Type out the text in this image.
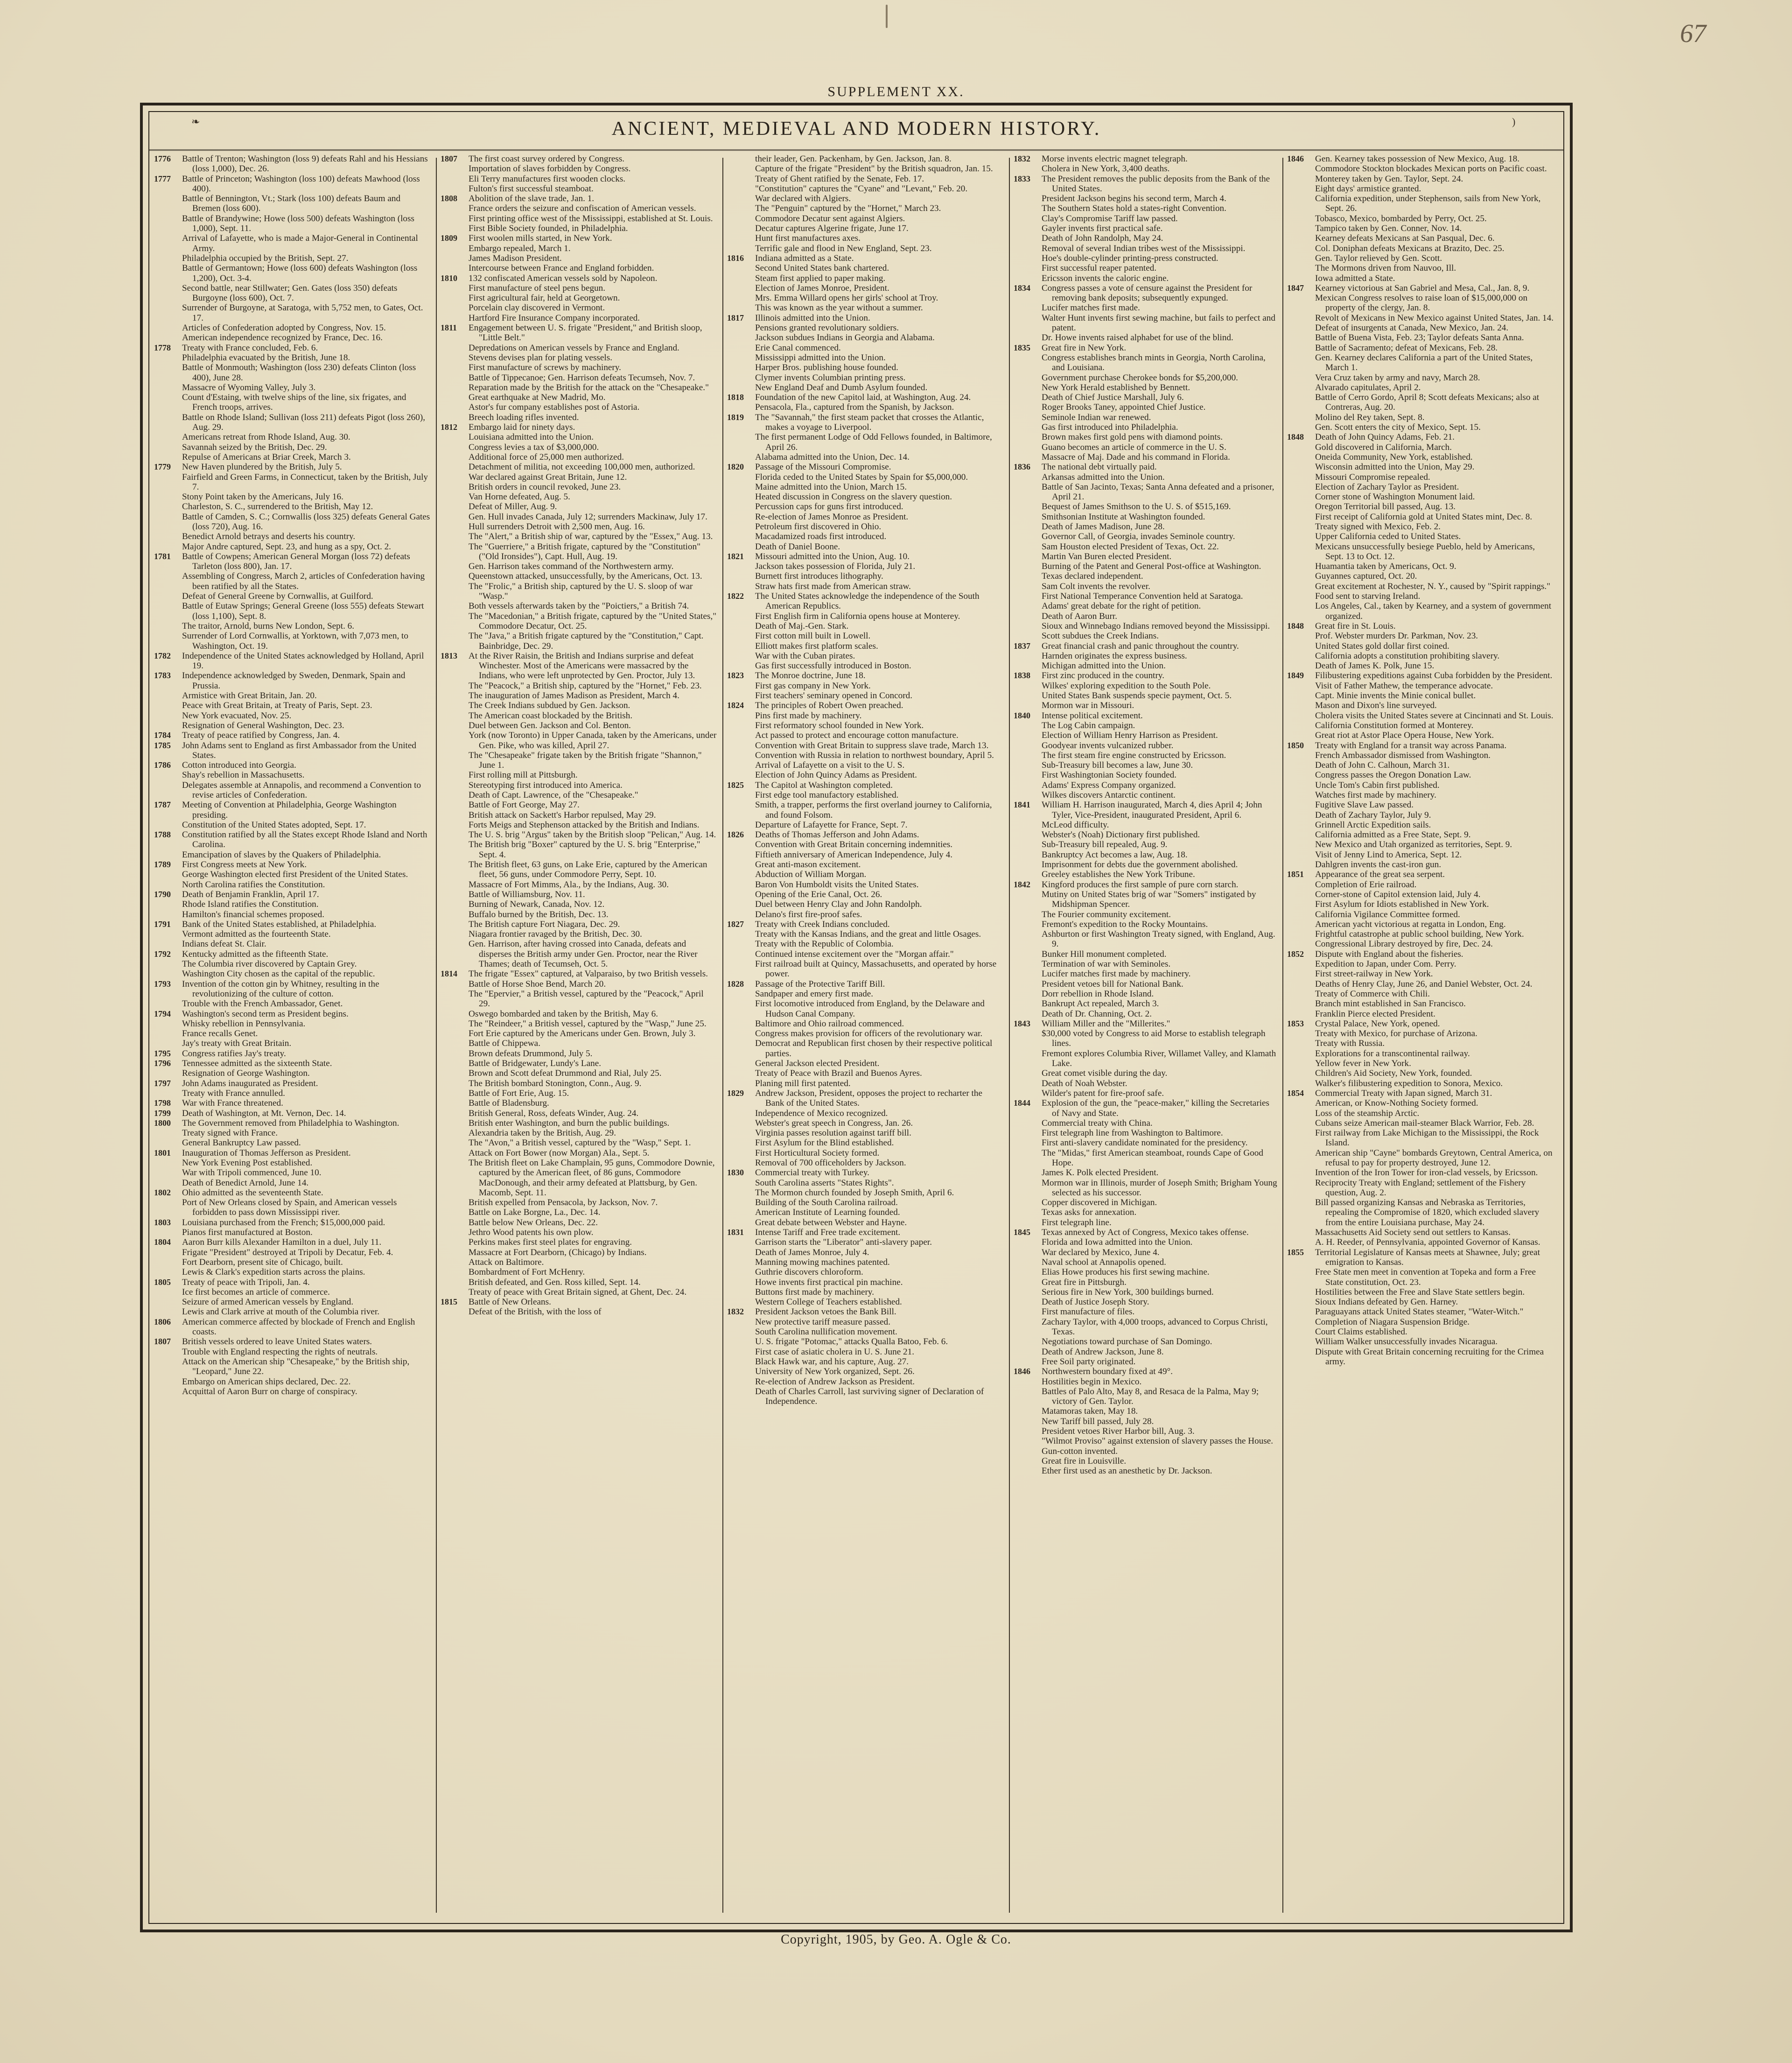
67
SUPPLEMENT XX.
ANCIENT, MEDIEVAL AND MODERN HISTORY.
❧	)
1776	Battle of Trenton; Washington (loss 9) defeats Rahl and his Hessians (loss 1,000), Dec. 26.
1777	Battle of Princeton; Washington (loss 100) defeats Mawhood (loss 400).
Battle of Bennington, Vt.; Stark (loss 100) defeats Baum and Bremen (loss 600).
Battle of Brandywine; Howe (loss 500) defeats Washington (loss 1,000), Sept. 11.
Arrival of Lafayette, who is made a Major-General in Continental Army.
Philadelphia occupied by the British, Sept. 27.
Battle of Germantown; Howe (loss 600) defeats Washington (loss 1,200), Oct. 3-4.
Second battle, near Stillwater; Gen. Gates (loss 350) defeats Burgoyne (loss 600), Oct. 7.
Surrender of Burgoyne, at Saratoga, with 5,752 men, to Gates, Oct. 17.
Articles of Confederation adopted by Congress, Nov. 15.
American independence recognized by France, Dec. 16.
1778	Treaty with France concluded, Feb. 6.
Philadelphia evacuated by the British, June 18.
Battle of Monmouth; Washington (loss 230) defeats Clinton (loss 400), June 28.
Massacre of Wyoming Valley, July 3.
Count d'Estaing, with twelve ships of the line, six frigates, and French troops, arrives.
Battle on Rhode Island; Sullivan (loss 211) defeats Pigot (loss 260), Aug. 29.
Americans retreat from Rhode Island, Aug. 30.
Savannah seized by the British, Dec. 29.
Repulse of Americans at Briar Creek, March 3.
1779	New Haven plundered by the British, July 5.
Fairfield and Green Farms, in Connecticut, taken by the British, July 7.
Stony Point taken by the Americans, July 16.
Charleston, S. C., surrendered to the British, May 12.
Battle of Camden, S. C.; Cornwallis (loss 325) defeats General Gates (loss 720), Aug. 16.
Benedict Arnold betrays and deserts his country.
Major Andre captured, Sept. 23, and hung as a spy, Oct. 2.
1781	Battle of Cowpens; American General Morgan (loss 72) defeats Tarleton (loss 800), Jan. 17.
Assembling of Congress, March 2, articles of Confederation having been ratified by all the States.
Defeat of General Greene by Cornwallis, at Guilford.
Battle of Eutaw Springs; General Greene (loss 555) defeats Stewart (loss 1,100), Sept. 8.
The traitor, Arnold, burns New London, Sept. 6.
Surrender of Lord Cornwallis, at Yorktown, with 7,073 men, to Washington, Oct. 19.
1782	Independence of the United States acknowledged by Holland, April 19.
1783	Independence acknowledged by Sweden, Denmark, Spain and Prussia.
Armistice with Great Britain, Jan. 20.
Peace with Great Britain, at Treaty of Paris, Sept. 23.
New York evacuated, Nov. 25.
Resignation of General Washington, Dec. 23.
1784	Treaty of peace ratified by Congress, Jan. 4.
1785	John Adams sent to England as first Ambassador from the United States.
1786	Cotton introduced into Georgia.
Shay's rebellion in Massachusetts.
Delegates assemble at Annapolis, and recommend a Convention to revise articles of Confederation.
1787	Meeting of Convention at Philadelphia, George Washington presiding.
Constitution of the United States adopted, Sept. 17.
1788	Constitution ratified by all the States except Rhode Island and North Carolina.
Emancipation of slaves by the Quakers of Philadelphia.
1789	First Congress meets at New York.
George Washington elected first President of the United States.
North Carolina ratifies the Constitution.
1790	Death of Benjamin Franklin, April 17.
Rhode Island ratifies the Constitution.
Hamilton's financial schemes proposed.
1791	Bank of the United States established, at Philadelphia.
Vermont admitted as the fourteenth State.
Indians defeat St. Clair.
1792	Kentucky admitted as the fifteenth State.
The Columbia river discovered by Captain Grey.
Washington City chosen as the capital of the republic.
1793	Invention of the cotton gin by Whitney, resulting in the revolutionizing of the culture of cotton.
Trouble with the French Ambassador, Genet.
1794	Washington's second term as President begins.
Whisky rebellion in Pennsylvania.
France recalls Genet.
Jay's treaty with Great Britain.
1795	Congress ratifies Jay's treaty.
1796	Tennessee admitted as the sixteenth State.
Resignation of George Washington.
1797	John Adams inaugurated as President.
Treaty with France annulled.
1798	War with France threatened.
1799	Death of Washington, at Mt. Vernon, Dec. 14.
1800	The Government removed from Philadelphia to Washington.
Treaty signed with France.
General Bankruptcy Law passed.
1801	Inauguration of Thomas Jefferson as President.
New York Evening Post established.
War with Tripoli commenced, June 10.
Death of Benedict Arnold, June 14.
1802	Ohio admitted as the seventeenth State.
Port of New Orleans closed by Spain, and American vessels forbidden to pass down Mississippi river.
1803	Louisiana purchased from the French; $15,000,000 paid.
Pianos first manufactured at Boston.
1804	Aaron Burr kills Alexander Hamilton in a duel, July 11.
Frigate "President" destroyed at Tripoli by Decatur, Feb. 4.
Fort Dearborn, present site of Chicago, built.
Lewis & Clark's expedition starts across the plains.
1805	Treaty of peace with Tripoli, Jan. 4.
Ice first becomes an article of commerce.
Seizure of armed American vessels by England.
Lewis and Clark arrive at mouth of the Columbia river.
1806	American commerce affected by blockade of French and English coasts.
1807	British vessels ordered to leave United States waters.
Trouble with England respecting the rights of neutrals.
Attack on the American ship "Chesapeake," by the British ship, "Leopard," June 22.
Embargo on American ships declared, Dec. 22.
Acquittal of Aaron Burr on charge of conspiracy.
1807	The first coast survey ordered by Congress.
Importation of slaves forbidden by Congress.
Eli Terry manufactures first wooden clocks.
Fulton's first successful steamboat.
1808	Abolition of the slave trade, Jan. 1.
France orders the seizure and confiscation of American vessels.
First printing office west of the Mississippi, established at St. Louis.
First Bible Society founded, in Philadelphia.
1809	First woolen mills started, in New York.
Embargo repealed, March 1.
James Madison President.
Intercourse between France and England forbidden.
1810	132 confiscated American vessels sold by Napoleon.
First manufacture of steel pens begun.
First agricultural fair, held at Georgetown.
Porcelain clay discovered in Vermont.
Hartford Fire Insurance Company incorporated.
1811	Engagement between U. S. frigate "President," and British sloop, "Little Belt."
Depredations on American vessels by France and England.
Stevens devises plan for plating vessels.
First manufacture of screws by machinery.
Battle of Tippecanoe; Gen. Harrison defeats Tecumseh, Nov. 7.
Reparation made by the British for the attack on the "Chesapeake."
Great earthquake at New Madrid, Mo.
Astor's fur company establishes post of Astoria.
Breech loading rifles invented.
1812	Embargo laid for ninety days.
Louisiana admitted into the Union.
Congress levies a tax of $3,000,000.
Additional force of 25,000 men authorized.
Detachment of militia, not exceeding 100,000 men, authorized.
War declared against Great Britain, June 12.
British orders in council revoked, June 23.
Van Horne defeated, Aug. 5.
Defeat of Miller, Aug. 9.
Gen. Hull invades Canada, July 12; surrenders Mackinaw, July 17.
Hull surrenders Detroit with 2,500 men, Aug. 16.
The "Alert," a British ship of war, captured by the "Essex," Aug. 13.
The "Guerriere," a British frigate, captured by the "Constitution" ("Old Ironsides"), Capt. Hull, Aug. 19.
Gen. Harrison takes command of the Northwestern army.
Queenstown attacked, unsuccessfully, by the Americans, Oct. 13.
The "Frolic," a British ship, captured by the U. S. sloop of war "Wasp."
Both vessels afterwards taken by the "Poictiers," a British 74.
The "Macedonian," a British frigate, captured by the "United States," Commodore Decatur, Oct. 25.
The "Java," a British frigate captured by the "Constitution," Capt. Bainbridge, Dec. 29.
1813	At the River Raisin, the British and Indians surprise and defeat Winchester. Most of the Americans were massacred by the Indians, who were left unprotected by Gen. Proctor, July 13.
The "Peacock," a British ship, captured by the "Hornet," Feb. 23.
The inauguration of James Madison as President, March 4.
The Creek Indians subdued by Gen. Jackson.
The American coast blockaded by the British.
Duel between Gen. Jackson and Col. Benton.
York (now Toronto) in Upper Canada, taken by the Americans, under Gen. Pike, who was killed, April 27.
The "Chesapeake" frigate taken by the British frigate "Shannon," June 1.
First rolling mill at Pittsburgh.
Stereotyping first introduced into America.
Death of Capt. Lawrence, of the "Chesapeake."
Battle of Fort George, May 27.
British attack on Sackett's Harbor repulsed, May 29.
Forts Meigs and Stephenson attacked by the British and Indians.
The U. S. brig "Argus" taken by the British sloop "Pelican," Aug. 14.
The British brig "Boxer" captured by the U. S. brig "Enterprise," Sept. 4.
The British fleet, 63 guns, on Lake Erie, captured by the American fleet, 56 guns, under Commodore Perry, Sept. 10.
Massacre of Fort Mimms, Ala., by the Indians, Aug. 30.
Battle of Williamsburg, Nov. 11.
Burning of Newark, Canada, Nov. 12.
Buffalo burned by the British, Dec. 13.
The British capture Fort Niagara, Dec. 29.
Niagara frontier ravaged by the British, Dec. 30.
Gen. Harrison, after having crossed into Canada, defeats and disperses the British army under Gen. Proctor, near the River Thames; death of Tecumseh, Oct. 5.
1814	The frigate "Essex" captured, at Valparaiso, by two British vessels.
Battle of Horse Shoe Bend, March 20.
The "Epervier," a British vessel, captured by the "Peacock," April 29.
Oswego bombarded and taken by the British, May 6.
The "Reindeer," a British vessel, captured by the "Wasp," June 25.
Fort Erie captured by the Americans under Gen. Brown, July 3.
Battle of Chippewa.
Brown defeats Drummond, July 5.
Battle of Bridgewater, Lundy's Lane.
Brown and Scott defeat Drummond and Rial, July 25.
The British bombard Stonington, Conn., Aug. 9.
Battle of Fort Erie, Aug. 15.
Battle of Bladensburg.
British General, Ross, defeats Winder, Aug. 24.
British enter Washington, and burn the public buildings.
Alexandria taken by the British, Aug. 29.
The "Avon," a British vessel, captured by the "Wasp," Sept. 1.
Attack on Fort Bower (now Morgan) Ala., Sept. 5.
The British fleet on Lake Champlain, 95 guns, Commodore Downie, captured by the American fleet, of 86 guns, Commodore MacDonough, and their army defeated at Plattsburg, by Gen. Macomb, Sept. 11.
British expelled from Pensacola, by Jackson, Nov. 7.
Battle on Lake Borgne, La., Dec. 14.
Battle below New Orleans, Dec. 22.
Jethro Wood patents his own plow.
Perkins makes first steel plates for engraving.
Massacre at Fort Dearborn, (Chicago) by Indians.
Attack on Baltimore.
Bombardment of Fort McHenry.
British defeated, and Gen. Ross killed, Sept. 14.
Treaty of peace with Great Britain signed, at Ghent, Dec. 24.
1815	Battle of New Orleans.
Defeat of the British, with the loss of
their leader, Gen. Packenham, by Gen. Jackson, Jan. 8.
Capture of the frigate "President" by the British squadron, Jan. 15.
Treaty of Ghent ratified by the Senate, Feb. 17.
"Constitution" captures the "Cyane" and "Levant," Feb. 20.
War declared with Algiers.
The "Penguin" captured by the "Hornet," March 23.
Commodore Decatur sent against Algiers.
Decatur captures Algerine frigate, June 17.
Hunt first manufactures axes.
Terrific gale and flood in New England, Sept. 23.
1816	Indiana admitted as a State.
Second United States bank chartered.
Steam first applied to paper making.
Election of James Monroe, President.
Mrs. Emma Willard opens her girls' school at Troy.
This was known as the year without a summer.
1817	Illinois admitted into the Union.
Pensions granted revolutionary soldiers.
Jackson subdues Indians in Georgia and Alabama.
Erie Canal commenced.
Mississippi admitted into the Union.
Harper Bros. publishing house founded.
Clymer invents Columbian printing press.
New England Deaf and Dumb Asylum founded.
1818	Foundation of the new Capitol laid, at Washington, Aug. 24.
Pensacola, Fla., captured from the Spanish, by Jackson.
1819	The "Savannah," the first steam packet that crosses the Atlantic, makes a voyage to Liverpool.
The first permanent Lodge of Odd Fellows founded, in Baltimore, April 26.
Alabama admitted into the Union, Dec. 14.
1820	Passage of the Missouri Compromise.
Florida ceded to the United States by Spain for $5,000,000.
Maine admitted into the Union, March 15.
Heated discussion in Congress on the slavery question.
Percussion caps for guns first introduced.
Re-election of James Monroe as President.
Petroleum first discovered in Ohio.
Macadamized roads first introduced.
Death of Daniel Boone.
1821	Missouri admitted into the Union, Aug. 10.
Jackson takes possession of Florida, July 21.
Burnett first introduces lithography.
Straw hats first made from American straw.
1822	The United States acknowledge the independence of the South American Republics.
First English firm in California opens house at Monterey.
Death of Maj.-Gen. Stark.
First cotton mill built in Lowell.
Elliott makes first platform scales.
War with the Cuban pirates.
Gas first successfully introduced in Boston.
1823	The Monroe doctrine, June 18.
First gas company in New York.
First teachers' seminary opened in Concord.
1824	The principles of Robert Owen preached.
Pins first made by machinery.
First reformatory school founded in New York.
Act passed to protect and encourage cotton manufacture.
Convention with Great Britain to suppress slave trade, March 13.
Convention with Russia in relation to northwest boundary, April 5.
Arrival of Lafayette on a visit to the U. S.
Election of John Quincy Adams as President.
1825	The Capitol at Washington completed.
First edge tool manufactory established.
Smith, a trapper, performs the first overland journey to California, and found Folsom.
Departure of Lafayette for France, Sept. 7.
1826	Deaths of Thomas Jefferson and John Adams.
Convention with Great Britain concerning indemnities.
Fiftieth anniversary of American Independence, July 4.
Great anti-mason excitement.
Abduction of William Morgan.
Baron Von Humboldt visits the United States.
Opening of the Erie Canal, Oct. 26.
Duel between Henry Clay and John Randolph.
Delano's first fire-proof safes.
1827	Treaty with Creek Indians concluded.
Treaty with the Kansas Indians, and the great and little Osages.
Treaty with the Republic of Colombia.
Continued intense excitement over the "Morgan affair."
First railroad built at Quincy, Massachusetts, and operated by horse power.
1828	Passage of the Protective Tariff Bill.
Sandpaper and emery first made.
First locomotive introduced from England, by the Delaware and Hudson Canal Company.
Baltimore and Ohio railroad commenced.
Congress makes provision for officers of the revolutionary war.
Democrat and Republican first chosen by their respective political parties.
General Jackson elected President.
Treaty of Peace with Brazil and Buenos Ayres.
Planing mill first patented.
1829	Andrew Jackson, President, opposes the project to recharter the Bank of the United States.
Independence of Mexico recognized.
Webster's great speech in Congress, Jan. 26.
Virginia passes resolution against tariff bill.
First Asylum for the Blind established.
First Horticultural Society formed.
Removal of 700 officeholders by Jackson.
1830	Commercial treaty with Turkey.
South Carolina asserts "States Rights".
The Mormon church founded by Joseph Smith, April 6.
Building of the South Carolina railroad.
American Institute of Learning founded.
Great debate between Webster and Hayne.
1831	Intense Tariff and Free trade excitement.
Garrison starts the "Liberator" anti-slavery paper.
Death of James Monroe, July 4.
Manning mowing machines patented.
Guthrie discovers chloroform.
Howe invents first practical pin machine.
Buttons first made by machinery.
Western College of Teachers established.
1832	President Jackson vetoes the Bank Bill.
New protective tariff measure passed.
South Carolina nullification movement.
U. S. frigate "Potomac," attacks Qualla Batoo, Feb. 6.
First case of asiatic cholera in U. S. June 21.
Black Hawk war, and his capture, Aug. 27.
University of New York organized, Sept. 26.
Re-election of Andrew Jackson as President.
Death of Charles Carroll, last surviving signer of Declaration of Independence.
1832	Morse invents electric magnet telegraph.
Cholera in New York, 3,400 deaths.
1833	The President removes the public deposits from the Bank of the United States.
President Jackson begins his second term, March 4.
The Southern States hold a states-right Convention.
Clay's Compromise Tariff law passed.
Gayler invents first practical safe.
Death of John Randolph, May 24.
Removal of several Indian tribes west of the Mississippi.
Hoe's double-cylinder printing-press constructed.
First successful reaper patented.
Ericsson invents the caloric engine.
1834	Congress passes a vote of censure against the President for removing bank deposits; subsequently expunged.
Lucifer matches first made.
Walter Hunt invents first sewing machine, but fails to perfect and patent.
Dr. Howe invents raised alphabet for use of the blind.
1835	Great fire in New York.
Congress establishes branch mints in Georgia, North Carolina, and Louisiana.
Government purchase Cherokee bonds for $5,200,000.
New York Herald established by Bennett.
Death of Chief Justice Marshall, July 6.
Roger Brooks Taney, appointed Chief Justice.
Seminole Indian war renewed.
Gas first introduced into Philadelphia.
Brown makes first gold pens with diamond points.
Guano becomes an article of commerce in the U. S.
Massacre of Maj. Dade and his command in Florida.
1836	The national debt virtually paid.
Arkansas admitted into the Union.
Battle of San Jacinto, Texas; Santa Anna defeated and a prisoner, April 21.
Bequest of James Smithson to the U. S. of $515,169.
Smithsonian Institute at Washington founded.
Death of James Madison, June 28.
Governor Call, of Georgia, invades Seminole country.
Sam Houston elected President of Texas, Oct. 22.
Martin Van Buren elected President.
Burning of the Patent and General Post-office at Washington.
Texas declared independent.
Sam Colt invents the revolver.
First National Temperance Convention held at Saratoga.
Adams' great debate for the right of petition.
Death of Aaron Burr.
Sioux and Winnebago Indians removed beyond the Mississippi.
Scott subdues the Creek Indians.
1837	Great financial crash and panic throughout the country.
Harnden originates the express business.
Michigan admitted into the Union.
1838	First zinc produced in the country.
Wilkes' exploring expedition to the South Pole.
United States Bank suspends specie payment, Oct. 5.
Mormon war in Missouri.
1840	Intense political excitement.
The Log Cabin campaign.
Election of William Henry Harrison as President.
Goodyear invents vulcanized rubber.
The first steam fire engine constructed by Ericsson.
Sub-Treasury bill becomes a law, June 30.
First Washingtonian Society founded.
Adams' Express Company organized.
Wilkes discovers Antarctic continent.
1841	William H. Harrison inaugurated, March 4, dies April 4; John Tyler, Vice-President, inaugurated President, April 6.
McLeod difficulty.
Webster's (Noah) Dictionary first published.
Sub-Treasury bill repealed, Aug. 9.
Bankruptcy Act becomes a law, Aug. 18.
Imprisonment for debts due the government abolished.
Greeley establishes the New York Tribune.
1842	Kingford produces the first sample of pure corn starch.
Mutiny on United States brig of war "Somers" instigated by Midshipman Spencer.
The Fourier community excitement.
Fremont's expedition to the Rocky Mountains.
Ashburton or first Washington Treaty signed, with England, Aug. 9.
Bunker Hill monument completed.
Termination of war with Seminoles.
Lucifer matches first made by machinery.
President vetoes bill for National Bank.
Dorr rebellion in Rhode Island.
Bankrupt Act repealed, March 3.
Death of Dr. Channing, Oct. 2.
1843	William Miller and the "Millerites."
$30,000 voted by Congress to aid Morse to establish telegraph lines.
Fremont explores Columbia River, Willamet Valley, and Klamath Lake.
Great comet visible during the day.
Death of Noah Webster.
Wilder's patent for fire-proof safe.
1844	Explosion of the gun, the "peace-maker," killing the Secretaries of Navy and State.
Commercial treaty with China.
First telegraph line from Washington to Baltimore.
First anti-slavery candidate nominated for the presidency.
The "Midas," first American steamboat, rounds Cape of Good Hope.
James K. Polk elected President.
Mormon war in Illinois, murder of Joseph Smith; Brigham Young selected as his successor.
Copper discovered in Michigan.
Texas asks for annexation.
First telegraph line.
1845	Texas annexed by Act of Congress, Mexico takes offense.
Florida and Iowa admitted into the Union.
War declared by Mexico, June 4.
Naval school at Annapolis opened.
Elias Howe produces his first sewing machine.
Great fire in Pittsburgh.
Serious fire in New York, 300 buildings burned.
Death of Justice Joseph Story.
First manufacture of files.
Zachary Taylor, with 4,000 troops, advanced to Corpus Christi, Texas.
Negotiations toward purchase of San Domingo.
Death of Andrew Jackson, June 8.
Free Soil party originated.
1846	Northwestern boundary fixed at 49°.
Hostilities begin in Mexico.
Battles of Palo Alto, May 8, and Resaca de la Palma, May 9; victory of Gen. Taylor.
Matamoras taken, May 18.
New Tariff bill passed, July 28.
President vetoes River Harbor bill, Aug. 3.
"Wilmot Proviso" against extension of slavery passes the House.
Gun-cotton invented.
Great fire in Louisville.
Ether first used as an anesthetic by Dr. Jackson.
1846	Gen. Kearney takes possession of New Mexico, Aug. 18.
Commodore Stockton blockades Mexican ports on Pacific coast.
Monterey taken by Gen. Taylor, Sept. 24.
Eight days' armistice granted.
California expedition, under Stephenson, sails from New York, Sept. 26.
Tobasco, Mexico, bombarded by Perry, Oct. 25.
Tampico taken by Gen. Conner, Nov. 14.
Kearney defeats Mexicans at San Pasqual, Dec. 6.
Col. Doniphan defeats Mexicans at Brazito, Dec. 25.
Gen. Taylor relieved by Gen. Scott.
The Mormons driven from Nauvoo, Ill.
Iowa admitted a State.
1847	Kearney victorious at San Gabriel and Mesa, Cal., Jan. 8, 9.
Mexican Congress resolves to raise loan of $15,000,000 on property of the clergy, Jan. 8.
Revolt of Mexicans in New Mexico against United States, Jan. 14.
Defeat of insurgents at Canada, New Mexico, Jan. 24.
Battle of Buena Vista, Feb. 23; Taylor defeats Santa Anna.
Battle of Sacramento; defeat of Mexicans, Feb. 28.
Gen. Kearney declares California a part of the United States, March 1.
Vera Cruz taken by army and navy, March 28.
Alvarado capitulates, April 2.
Battle of Cerro Gordo, April 8; Scott defeats Mexicans; also at Contreras, Aug. 20.
Molino del Rey taken, Sept. 8.
Gen. Scott enters the city of Mexico, Sept. 15.
1848	Death of John Quincy Adams, Feb. 21.
Gold discovered in California, March.
Oneida Community, New York, established.
Wisconsin admitted into the Union, May 29.
Missouri Compromise repealed.
Election of Zachary Taylor as President.
Corner stone of Washington Monument laid.
Oregon Territorial bill passed, Aug. 13.
First receipt of California gold at United States mint, Dec. 8.
Treaty signed with Mexico, Feb. 2.
Upper California ceded to United States.
Mexicans unsuccessfully besiege Pueblo, held by Americans, Sept. 13 to Oct. 12.
Huamantia taken by Americans, Oct. 9.
Guyannes captured, Oct. 20.
Great excitement at Rochester, N. Y., caused by "Spirit rappings."
Food sent to starving Ireland.
Los Angeles, Cal., taken by Kearney, and a system of government organized.
1848	Great fire in St. Louis.
Prof. Webster murders Dr. Parkman, Nov. 23.
United States gold dollar first coined.
California adopts a constitution prohibiting slavery.
Death of James K. Polk, June 15.
1849	Filibustering expeditions against Cuba forbidden by the President.
Visit of Father Mathew, the temperance advocate.
Capt. Minie invents the Minie conical bullet.
Mason and Dixon's line surveyed.
Cholera visits the United States severe at Cincinnati and St. Louis.
California Constitution formed at Monterey.
Great riot at Astor Place Opera House, New York.
1850	Treaty with England for a transit way across Panama.
French Ambassador dismissed from Washington.
Death of John C. Calhoun, March 31.
Congress passes the Oregon Donation Law.
Uncle Tom's Cabin first published.
Watches first made by machinery.
Fugitive Slave Law passed.
Death of Zachary Taylor, July 9.
Grinnell Arctic Expedition sails.
California admitted as a Free State, Sept. 9.
New Mexico and Utah organized as territories, Sept. 9.
Visit of Jenny Lind to America, Sept. 12.
Dahlgren invents the cast-iron gun.
1851	Appearance of the great sea serpent.
Completion of Erie railroad.
Corner-stone of Capitol extension laid, July 4.
First Asylum for Idiots established in New York.
California Vigilance Committee formed.
American yacht victorious at regatta in London, Eng.
Frightful catastrophe at public school building, New York.
Congressional Library destroyed by fire, Dec. 24.
1852	Dispute with England about the fisheries.
Expedition to Japan, under Com. Perry.
First street-railway in New York.
Deaths of Henry Clay, June 26, and Daniel Webster, Oct. 24.
Treaty of Commerce with Chili.
Branch mint established in San Francisco.
Franklin Pierce elected President.
1853	Crystal Palace, New York, opened.
Treaty with Mexico, for purchase of Arizona.
Treaty with Russia.
Explorations for a transcontinental railway.
Yellow fever in New York.
Children's Aid Society, New York, founded.
Walker's filibustering expedition to Sonora, Mexico.
1854	Commercial Treaty with Japan signed, March 31.
American, or Know-Nothing Society formed.
Loss of the steamship Arctic.
Cubans seize American mail-steamer Black Warrior, Feb. 28.
First railway from Lake Michigan to the Mississippi, the Rock Island.
American ship "Cayne" bombards Greytown, Central America, on refusal to pay for property destroyed, June 12.
Invention of the Iron Tower for iron-clad vessels, by Ericsson.
Reciprocity Treaty with England; settlement of the Fishery question, Aug. 2.
Bill passed organizing Kansas and Nebraska as Territories, repealing the Compromise of 1820, which excluded slavery from the entire Louisiana purchase, May 24.
Massachusetts Aid Society send out settlers to Kansas.
A. H. Reeder, of Pennsylvania, appointed Governor of Kansas.
1855	Territorial Legislature of Kansas meets at Shawnee, July; great emigration to Kansas.
Free State men meet in convention at Topeka and form a Free State constitution, Oct. 23.
Hostilities between the Free and Slave State settlers begin.
Sioux Indians defeated by Gen. Harney.
Paraguayans attack United States steamer, "Water-Witch."
Completion of Niagara Suspension Bridge.
Court Claims established.
William Walker unsuccessfully invades Nicaragua.
Dispute with Great Britain concerning recruiting for the Crimea army.
Copyright, 1905, by Geo. A. Ogle & Co.
